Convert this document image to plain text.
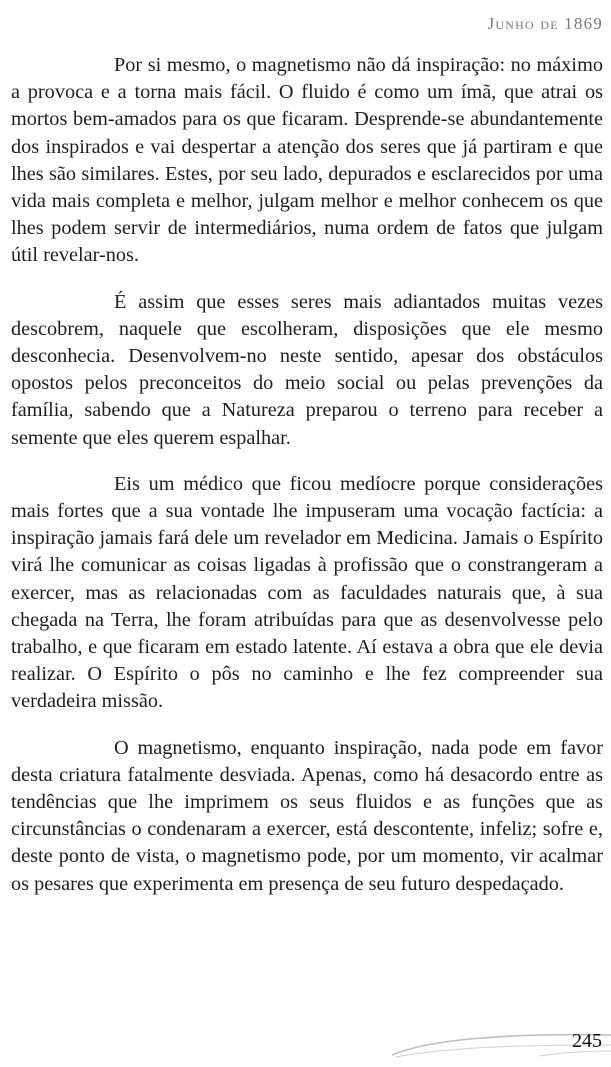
Junho de 1869

Por si mesmo, o magnetismo não dá inspiração: no máximo a provoca e a torna mais fácil. O fluido é como um ímã, que atrai os mortos bem-amados para os que ficaram. Desprende-se abundantemente dos inspirados e vai despertar a atenção dos seres que já partiram e que lhes são similares. Estes, por seu lado, depurados e esclarecidos por uma vida mais completa e melhor, julgam melhor e melhor conhecem os que lhes podem servir de intermediários, numa ordem de fatos que julgam útil revelar-nos.

É assim que esses seres mais adiantados muitas vezes descobrem, naquele que escolheram, disposições que ele mesmo desconhecia. Desenvolvem-no neste sentido, apesar dos obstáculos opostos pelos preconceitos do meio social ou pelas prevenções da família, sabendo que a Natureza preparou o terreno para receber a semente que eles querem espalhar.

Eis um médico que ficou medíocre porque considerações mais fortes que a sua vontade lhe impuseram uma vocação factícia: a inspiração jamais fará dele um revelador em Medicina. Jamais o Espírito virá lhe comunicar as coisas ligadas à profissão que o constrangeram a exercer, mas as relacionadas com as faculdades naturais que, à sua chegada na Terra, lhe foram atribuídas para que as desenvolvesse pelo trabalho, e que ficaram em estado latente. Aí estava a obra que ele devia realizar. O Espírito o pôs no caminho e lhe fez compreender sua verdadeira missão.

O magnetismo, enquanto inspiração, nada pode em favor desta criatura fatalmente desviada. Apenas, como há desacordo entre as tendências que lhe imprimem os seus fluidos e as funções que as circunstâncias o condenaram a exercer, está descontente, infeliz; sofre e, deste ponto de vista, o magnetismo pode, por um momento, vir acalmar os pesares que experimenta em presença de seu futuro despedaçado.

245
